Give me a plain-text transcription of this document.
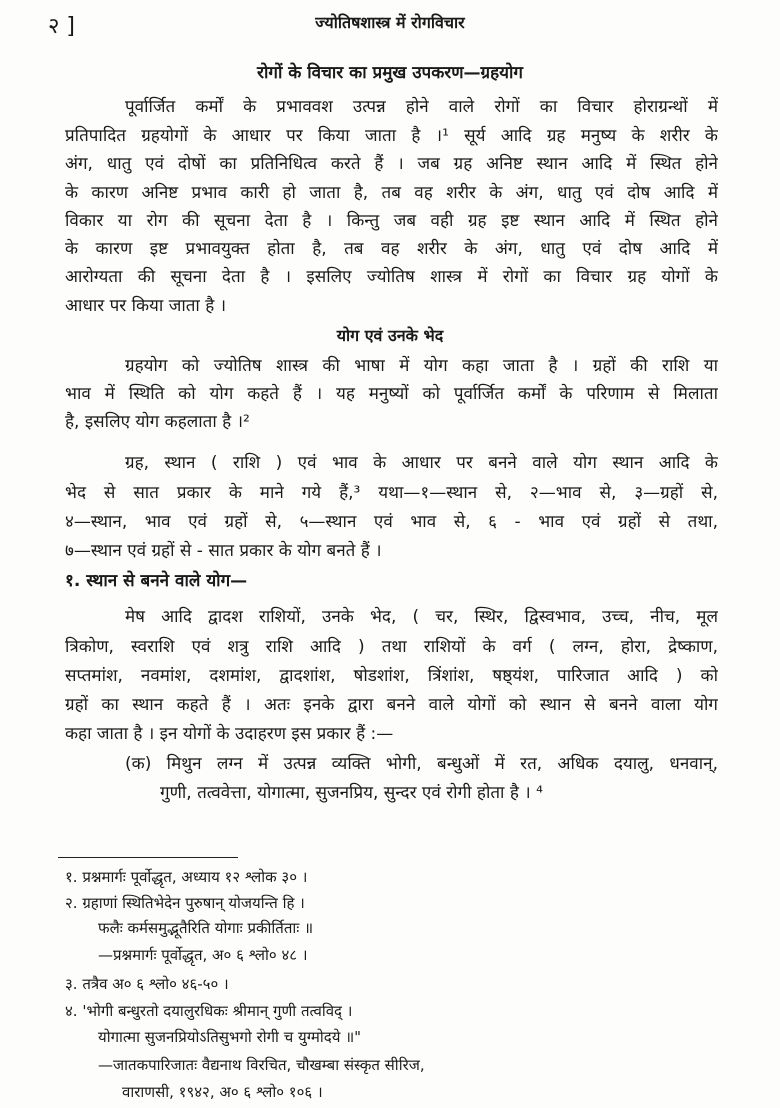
२ ]	ज्योतिषशास्त्र में रोगविचार
रोगों के विचार का प्रमुख उपकरण—ग्रहयोग
पूर्वार्जित कर्मों के प्रभाववश उत्पन्न होने वाले रोगों का विचार होराग्रन्थों में
प्रतिपादित ग्रहयोगों के आधार पर किया जाता है ।¹ सूर्य आदि ग्रह मनुष्य के शरीर के
अंग, धातु एवं दोषों का प्रतिनिधित्व करते हैं । जब ग्रह अनिष्ट स्थान आदि में स्थित होने
के कारण अनिष्ट प्रभाव कारी हो जाता है, तब वह शरीर के अंग, धातु एवं दोष आदि में
विकार या रोग की सूचना देता है । किन्तु जब वही ग्रह इष्ट स्थान आदि में स्थित होने
के कारण इष्ट प्रभावयुक्त होता है, तब वह शरीर के अंग, धातु एवं दोष आदि में
आरोग्यता की सूचना देता है । इसलिए ज्योतिष शास्त्र में रोगों का विचार ग्रह योगों के
आधार पर किया जाता है ।
योग एवं उनके भेद
ग्रहयोग को ज्योतिष शास्त्र की भाषा में योग कहा जाता है । ग्रहों की राशि या
भाव में स्थिति को योग कहते हैं । यह मनुष्यों को पूर्वार्जित कर्मों के परिणाम से मिलाता
है, इसलिए योग कहलाता है ।²
ग्रह, स्थान ( राशि ) एवं भाव के आधार पर बनने वाले योग स्थान आदि के
भेद से सात प्रकार के माने गये हैं,³ यथा—१—स्थान से, २—भाव से, ३—ग्रहों से,
४—स्थान, भाव एवं ग्रहों से, ५—स्थान एवं भाव से, ६ - भाव एवं ग्रहों से तथा,
७—स्थान एवं ग्रहों से - सात प्रकार के योग बनते हैं ।
१. स्थान से बनने वाले योग—
मेष आदि द्वादश राशियों, उनके भेद, ( चर, स्थिर, द्विस्वभाव, उच्च, नीच, मूल
त्रिकोण, स्वराशि एवं शत्रु राशि आदि ) तथा राशियों के वर्ग ( लग्न, होरा, द्रेष्काण,
सप्तमांश, नवमांश, दशमांश, द्वादशांश, षोडशांश, त्रिंशांश, षष्ठ्यंश, पारिजात आदि ) को
ग्रहों का स्थान कहते हैं । अतः इनके द्वारा बनने वाले योगों को स्थान से बनने वाला योग
कहा जाता है । इन योगों के उदाहरण इस प्रकार हैं :—
(क) मिथुन लग्न में उत्पन्न व्यक्ति भोगी, बन्धुओं में रत, अधिक दयालु, धनवान्,
गुणी, तत्ववेत्ता, योगात्मा, सुजनप्रिय, सुन्दर एवं रोगी होता है । ⁴
१. प्रश्नमार्गः पूर्वोद्धृत, अध्याय १२ श्लोक ३० ।
२. ग्रहाणां स्थितिभेदेन पुरुषान् योजयन्ति हि ।
फलैः कर्मसमुद्भूतैरिति योगाः प्रकीर्तिताः ॥
—प्रश्नमार्गः पूर्वोद्धृत, अ० ६ श्लो० ४८ ।
३. तत्रैव अ० ६ श्लो० ४६-५० ।
४. 'भोगी बन्धुरतो दयालुरधिकः श्रीमान् गुणी तत्वविद् ।
योगात्मा सुजनप्रियोऽतिसुभगो रोगी च युग्मोदये ॥"
—जातकपारिजातः वैद्यनाथ विरचित, चौखम्बा संस्कृत सीरिज,
वाराणसी, १९४२, अ० ६ श्लो० १०६ ।
